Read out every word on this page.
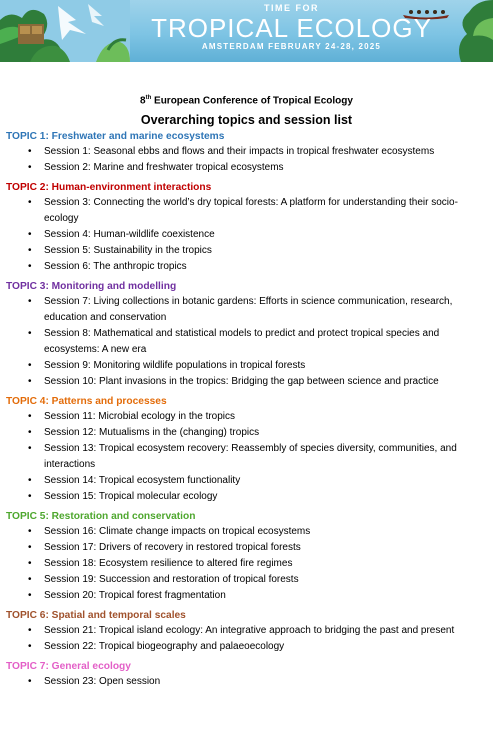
TIME FOR
TROPICAL ECOLOGY
AMSTERDAM FEBRUARY 24-28, 2025
8th European Conference of Tropical Ecology
Overarching topics and session list
TOPIC 1: Freshwater and marine ecosystems
• Session 1: Seasonal ebbs and flows and their impacts in tropical freshwater ecosystems
• Session 2: Marine and freshwater tropical ecosystems
TOPIC 2: Human-environment interactions
• Session 3: Connecting the world’s dry topical forests: A platform for understanding their socio-ecology
• Session 4: Human-wildlife coexistence
• Session 5: Sustainability in the tropics
• Session 6: The anthropic tropics
TOPIC 3: Monitoring and modelling
• Session 7: Living collections in botanic gardens: Efforts in science communication, research, education and conservation
• Session 8: Mathematical and statistical models to predict and protect tropical species and ecosystems: A new era
• Session 9: Monitoring wildlife populations in tropical forests
• Session 10: Plant invasions in the tropics: Bridging the gap between science and practice
TOPIC 4: Patterns and processes
• Session 11: Microbial ecology in the tropics
• Session 12: Mutualisms in the (changing) tropics
• Session 13: Tropical ecosystem recovery: Reassembly of species diversity, communities, and interactions
• Session 14: Tropical ecosystem functionality
• Session 15: Tropical molecular ecology
TOPIC 5: Restoration and conservation
• Session 16: Climate change impacts on tropical ecosystems
• Session 17: Drivers of recovery in restored tropical forests
• Session 18: Ecosystem resilience to altered fire regimes
• Session 19: Succession and restoration of tropical forests
• Session 20: Tropical forest fragmentation
TOPIC 6: Spatial and temporal scales
• Session 21: Tropical island ecology: An integrative approach to bridging the past and present
• Session 22: Tropical biogeography and palaeoecology
TOPIC 7: General ecology
• Session 23: Open session
